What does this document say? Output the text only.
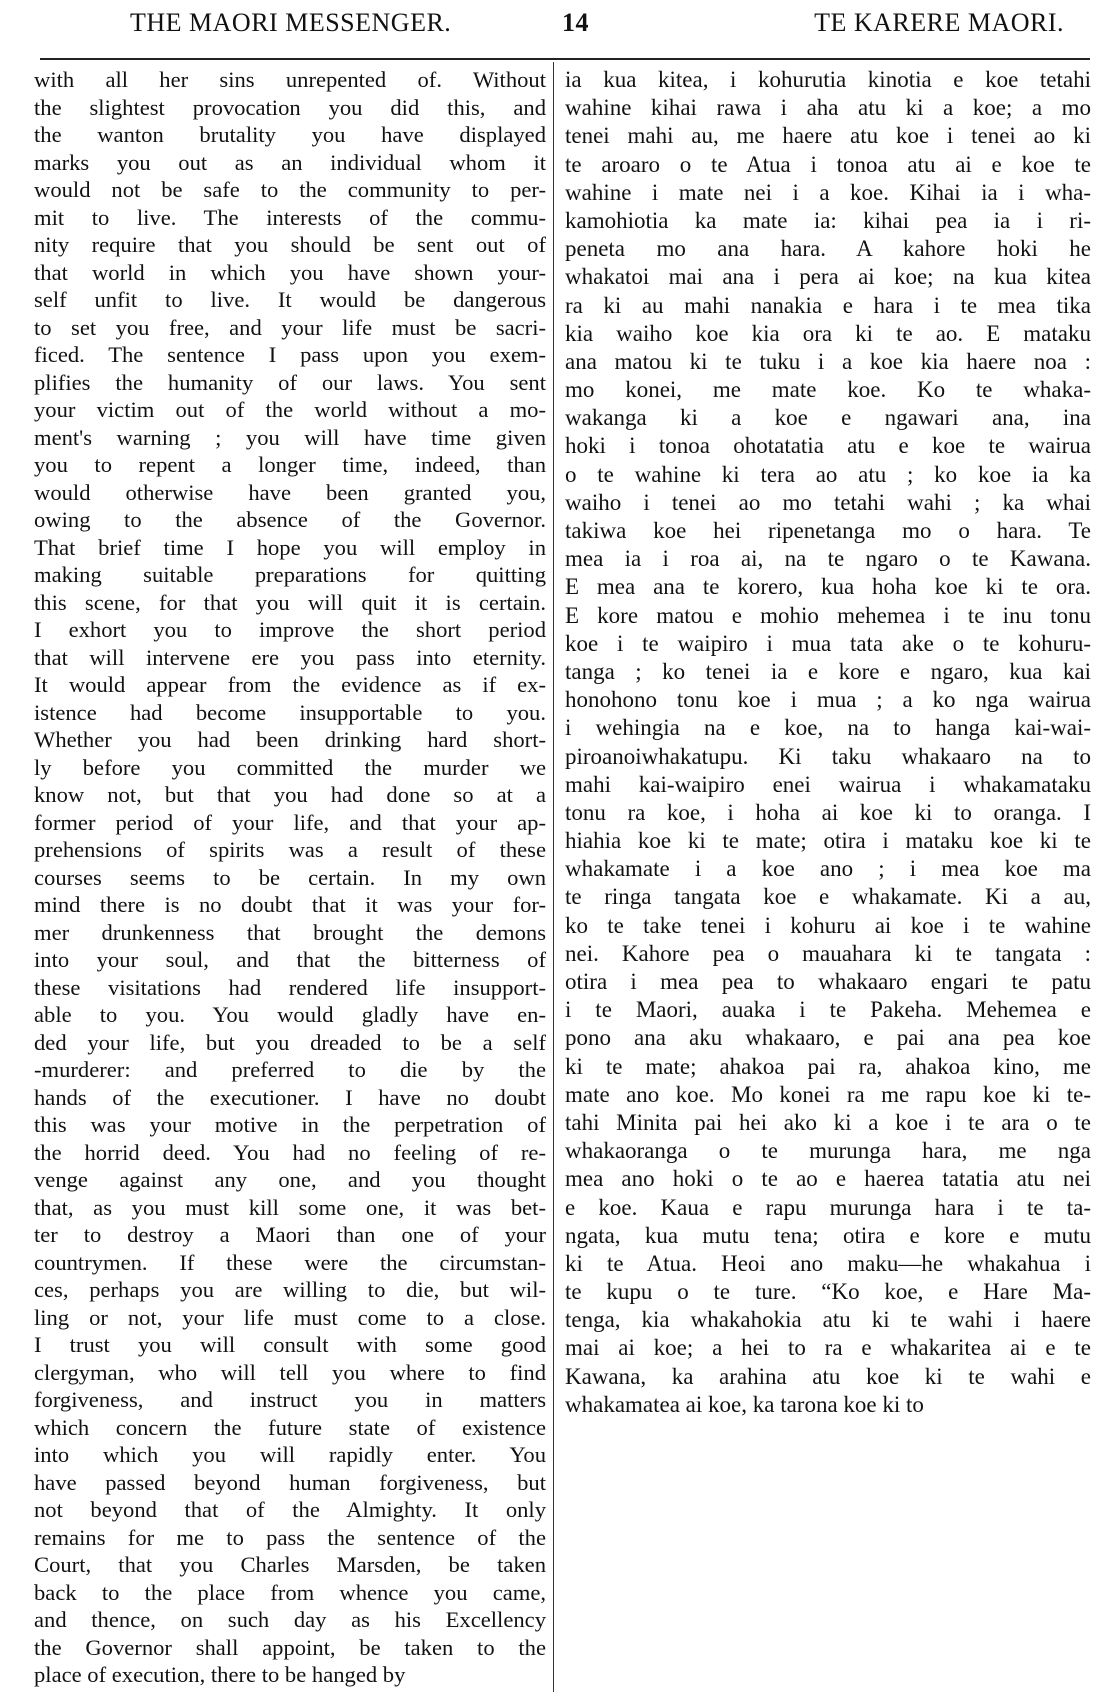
THE MAORI MESSENGER.	14	TE KARERE MAORI.
with all her sins unrepented of. Without
the slightest provocation you did this, and
the wanton brutality you have displayed
marks you out as an individual whom it
would not be safe to the community to per-
mit to live. The interests of the commu-
nity require that you should be sent out of
that world in which you have shown your-
self unfit to live. It would be dangerous
to set you free, and your life must be sacri-
ficed. The sentence I pass upon you exem-
plifies the humanity of our laws. You sent
your victim out of the world without a mo-
ment's warning ; you will have time given
you to repent a longer time, indeed, than
would otherwise have been granted you,
owing to the absence of the Governor.
That brief time I hope you will employ in
making suitable preparations for quitting
this scene, for that you will quit it is certain.
I exhort you to improve the short period
that will intervene ere you pass into eternity.
It would appear from the evidence as if ex-
istence had become insupportable to you.
Whether you had been drinking hard short-
ly before you committed the murder we
know not, but that you had done so at a
former period of your life, and that your ap-
prehensions of spirits was a result of these
courses seems to be certain. In my own
mind there is no doubt that it was your for-
mer drunkenness that brought the demons
into your soul, and that the bitterness of
these visitations had rendered life insupport-
able to you. You would gladly have en-
ded your life, but you dreaded to be a self
-murderer: and preferred to die by the
hands of the executioner. I have no doubt
this was your motive in the perpetration of
the horrid deed. You had no feeling of re-
venge against any one, and you thought
that, as you must kill some one, it was bet-
ter to destroy a Maori than one of your
countrymen. If these were the circumstan-
ces, perhaps you are willing to die, but wil-
ling or not, your life must come to a close.
I trust you will consult with some good
clergyman, who will tell you where to find
forgiveness, and instruct you in matters
which concern the future state of existence
into which you will rapidly enter. You
have passed beyond human forgiveness, but
not beyond that of the Almighty. It only
remains for me to pass the sentence of the
Court, that you Charles Marsden, be taken
back to the place from whence you came,
and thence, on such day as his Excellency
the Governor shall appoint, be taken to the
place of execution, there to be hanged by
ia kua kitea, i kohurutia kinotia e koe tetahi
wahine kihai rawa i aha atu ki a koe; a mo
tenei mahi au, me haere atu koe i tenei ao ki
te aroaro o te Atua i tonoa atu ai e koe te
wahine i mate nei i a koe. Kihai ia i wha-
kamohiotia ka mate ia: kihai pea ia i ri-
peneta mo ana hara. A kahore hoki he
whakatoi mai ana i pera ai koe; na kua kitea
ra ki au mahi nanakia e hara i te mea tika
kia waiho koe kia ora ki te ao. E mataku
ana matou ki te tuku i a koe kia haere noa :
mo konei, me mate koe. Ko te whaka-
wakanga ki a koe e ngawari ana, ina
hoki i tonoa ohotatatia atu e koe te wairua
o te wahine ki tera ao atu ; ko koe ia ka
waiho i tenei ao mo tetahi wahi ; ka whai
takiwa koe hei ripenetanga mo o hara. Te
mea ia i roa ai, na te ngaro o te Kawana.
E mea ana te korero, kua hoha koe ki te ora.
E kore matou e mohio mehemea i te inu tonu
koe i te waipiro i mua tata ake o te kohuru-
tanga ; ko tenei ia e kore e ngaro, kua kai
honohono tonu koe i mua ; a ko nga wairua
i wehingia na e koe, na to hanga kai-wai-
piroanoiwhakatupu. Ki taku whakaaro na to
mahi kai-waipiro enei wairua i whakamataku
tonu ra koe, i hoha ai koe ki to oranga. I
hiahia koe ki te mate; otira i mataku koe ki te
whakamate i a koe ano ; i mea koe ma
te ringa tangata koe e whakamate. Ki a au,
ko te take tenei i kohuru ai koe i te wahine
nei. Kahore pea o mauahara ki te tangata :
otira i mea pea to whakaaro engari te patu
i te Maori, auaka i te Pakeha. Mehemea e
pono ana aku whakaaro, e pai ana pea koe
ki te mate; ahakoa pai ra, ahakoa kino, me
mate ano koe. Mo konei ra me rapu koe ki te-
tahi Minita pai hei ako ki a koe i te ara o te
whakaoranga o te murunga hara, me nga
mea ano hoki o te ao e haerea tatatia atu nei
e koe. Kaua e rapu murunga hara i te ta-
ngata, kua mutu tena; otira e kore e mutu
ki te Atua. Heoi ano maku—he whakahua i
te kupu o te ture. “Ko koe, e Hare Ma-
tenga, kia whakahokia atu ki te wahi i haere
mai ai koe; a hei to ra e whakaritea ai e te
Kawana, ka arahina atu koe ki te wahi e
whakamatea ai koe, ka tarona koe ki to
